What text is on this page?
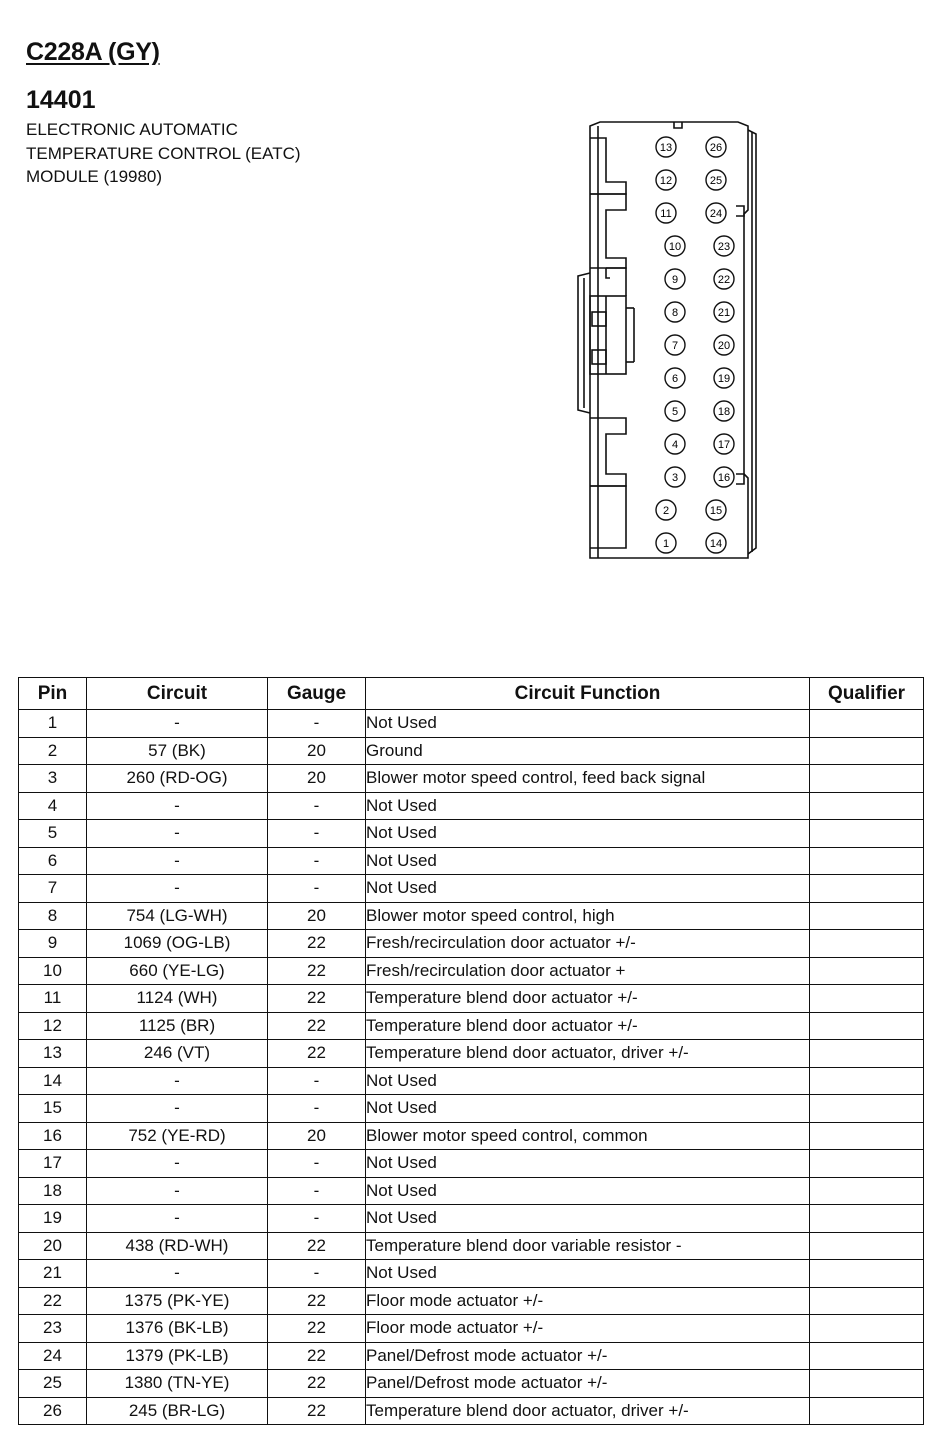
C228A (GY)
14401
ELECTRONIC AUTOMATIC
TEMPERATURE CONTROL (EATC)
MODULE (19980)
13
12
11
10
9
8
7
6
5
4
3
2
1
26
25
24
23
22
21
20
19
18
17
16
15
14
Pin	Circuit	Gauge	Circuit Function	Qualifier
1	-	-	Not Used	
2	57 (BK)	20	Ground	
3	260 (RD-OG)	20	Blower motor speed control, feed back signal	
4	-	-	Not Used	
5	-	-	Not Used	
6	-	-	Not Used	
7	-	-	Not Used	
8	754 (LG-WH)	20	Blower motor speed control, high	
9	1069 (OG-LB)	22	Fresh/recirculation door actuator +/-	
10	660 (YE-LG)	22	Fresh/recirculation door actuator +	
11	1124 (WH)	22	Temperature blend door actuator +/-	
12	1125 (BR)	22	Temperature blend door actuator +/-	
13	246 (VT)	22	Temperature blend door actuator, driver +/-	
14	-	-	Not Used	
15	-	-	Not Used	
16	752 (YE-RD)	20	Blower motor speed control, common	
17	-	-	Not Used	
18	-	-	Not Used	
19	-	-	Not Used	
20	438 (RD-WH)	22	Temperature blend door variable resistor -	
21	-	-	Not Used	
22	1375 (PK-YE)	22	Floor mode actuator +/-	
23	1376 (BK-LB)	22	Floor mode actuator +/-	
24	1379 (PK-LB)	22	Panel/Defrost mode actuator +/-	
25	1380 (TN-YE)	22	Panel/Defrost mode actuator +/-	
26	245 (BR-LG)	22	Temperature blend door actuator, driver +/-	
